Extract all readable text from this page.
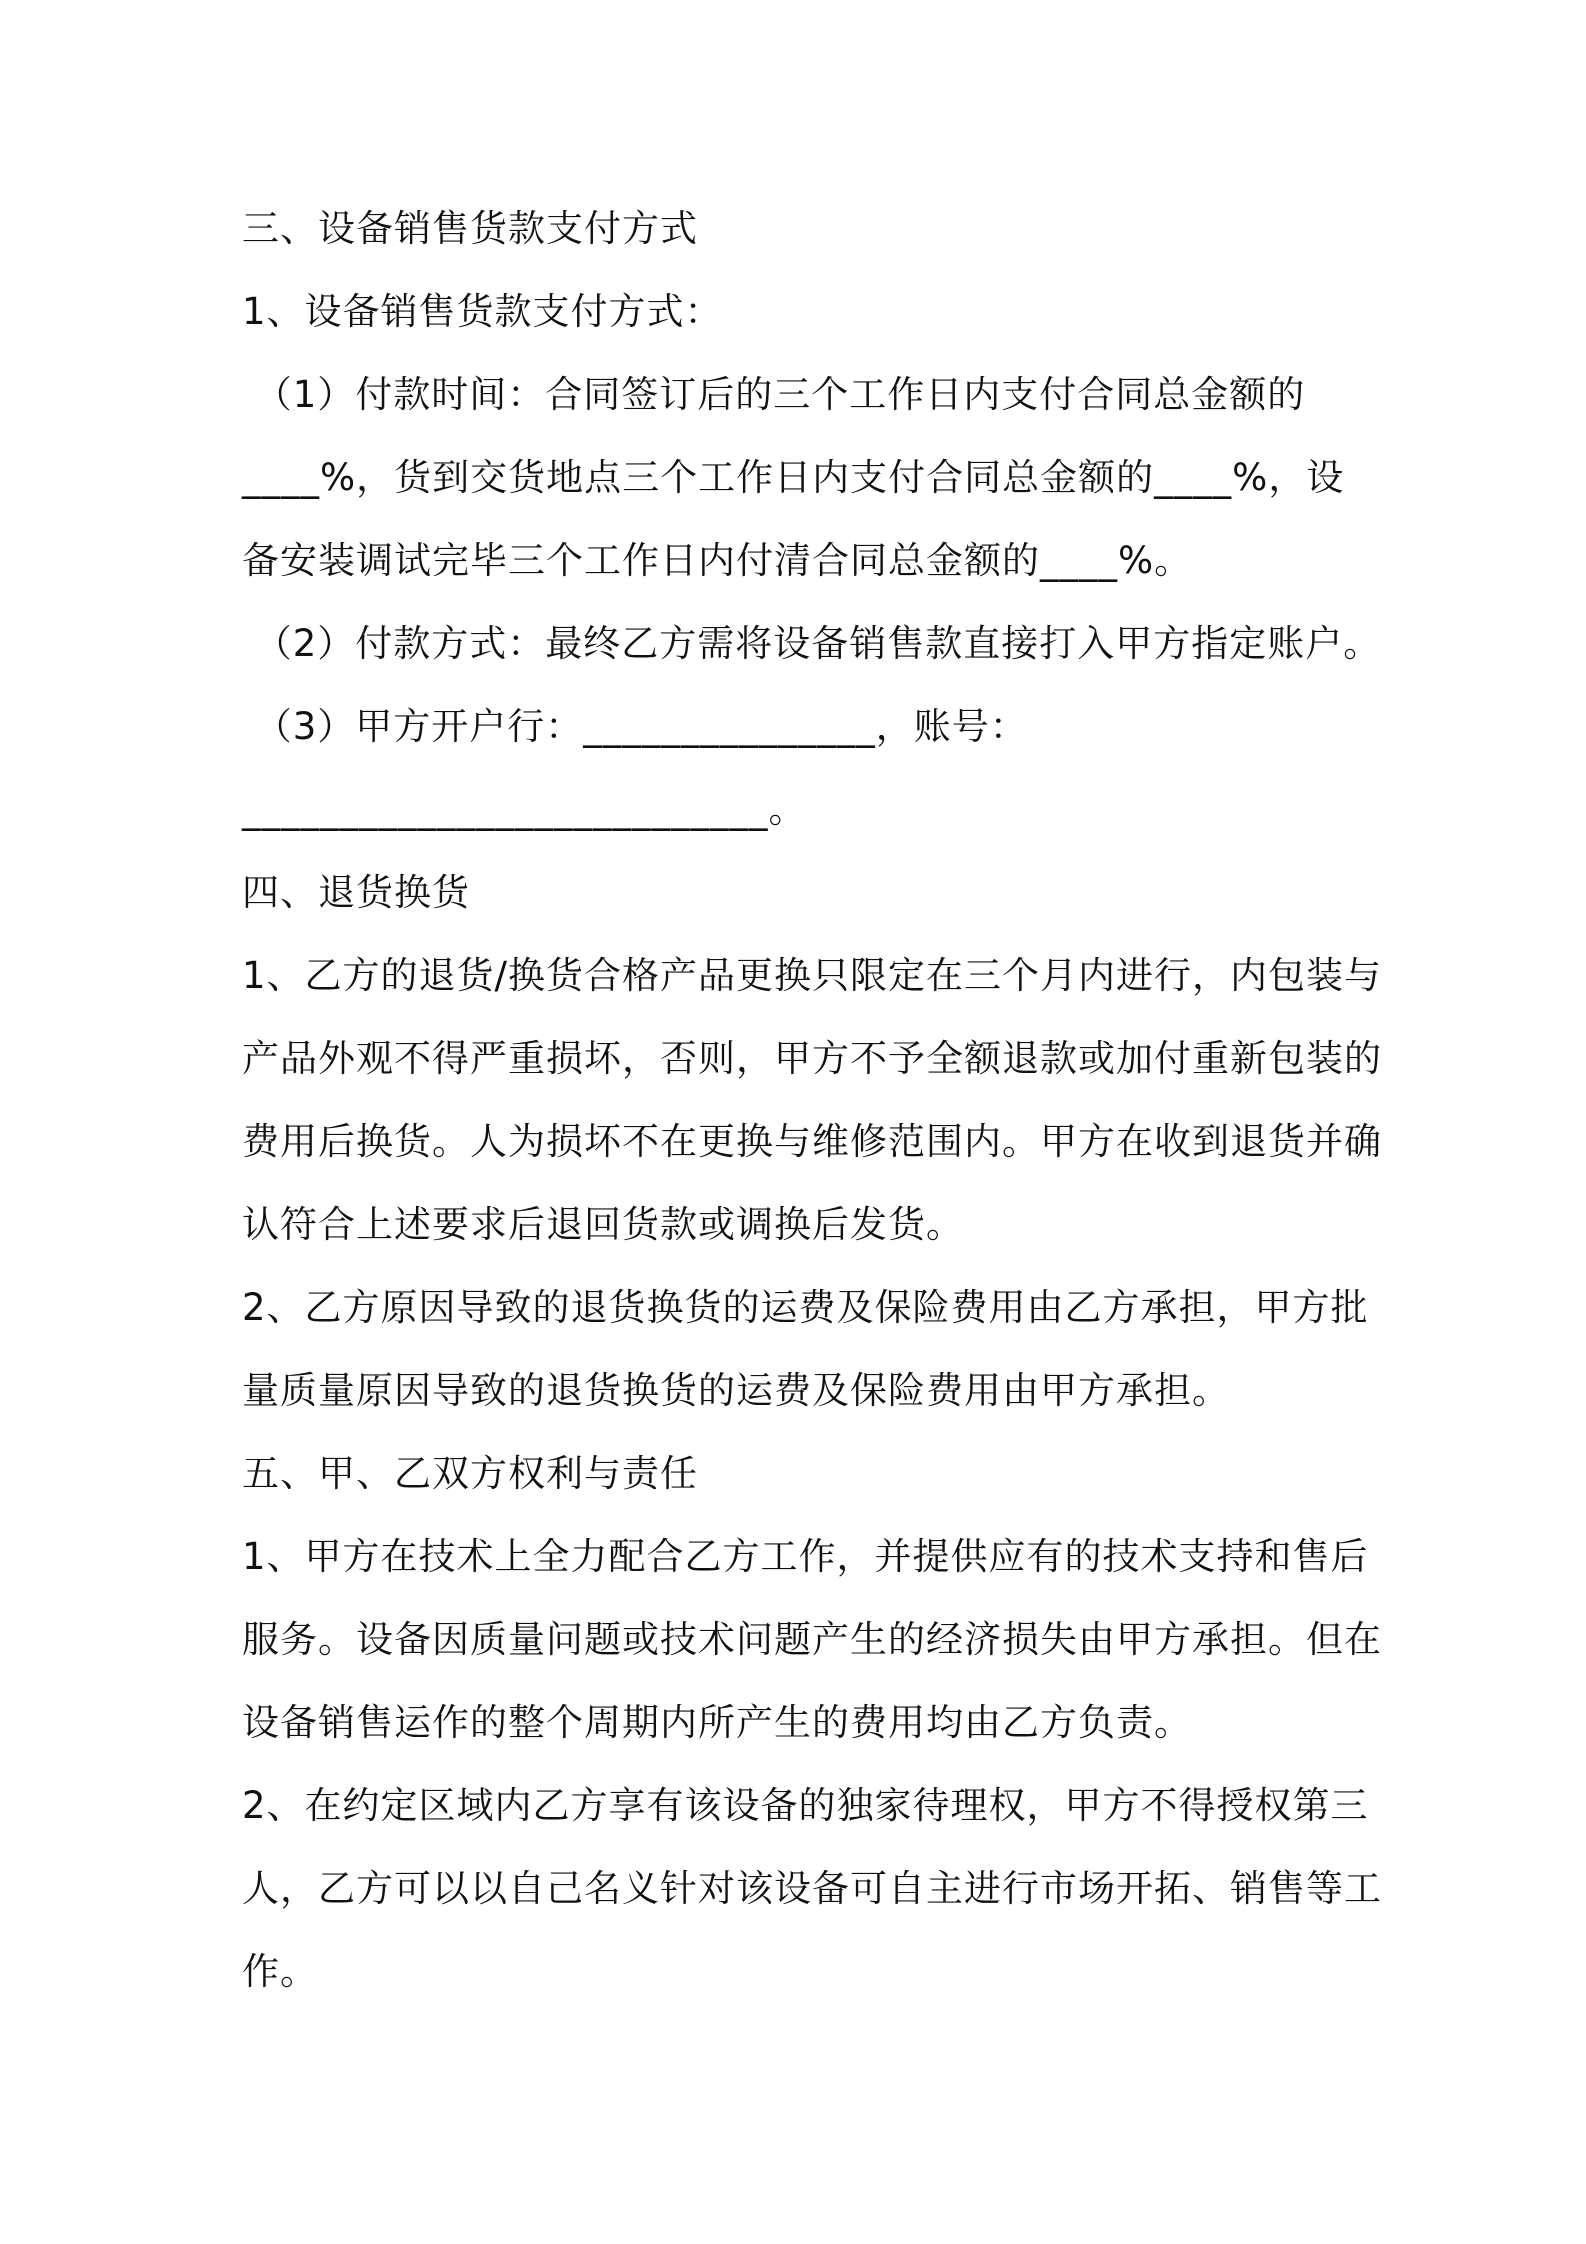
三、设备销售货款支付方式
1、设备销售货款支付方式：
（1）付款时间：合同签订后的三个工作日内支付合同总金额的
____%，货到交货地点三个工作日内支付合同总金额的____%，设
备安装调试完毕三个工作日内付清合同总金额的____%。
（2）付款方式：最终乙方需将设备销售款直接打入甲方指定账户。
（3）甲方开户行：_______________，账号：
___________________________。
四、退货换货
1、乙方的退货/换货合格产品更换只限定在三个月内进行，内包装与
产品外观不得严重损坏，否则，甲方不予全额退款或加付重新包装的
费用后换货。人为损坏不在更换与维修范围内。甲方在收到退货并确
认符合上述要求后退回货款或调换后发货。
2、乙方原因导致的退货换货的运费及保险费用由乙方承担，甲方批
量质量原因导致的退货换货的运费及保险费用由甲方承担。
五、甲、乙双方权利与责任
1、甲方在技术上全力配合乙方工作，并提供应有的技术支持和售后
服务。设备因质量问题或技术问题产生的经济损失由甲方承担。但在
设备销售运作的整个周期内所产生的费用均由乙方负责。
2、在约定区域内乙方享有该设备的独家待理权，甲方不得授权第三
人，乙方可以以自己名义针对该设备可自主进行市场开拓、销售等工
作。
